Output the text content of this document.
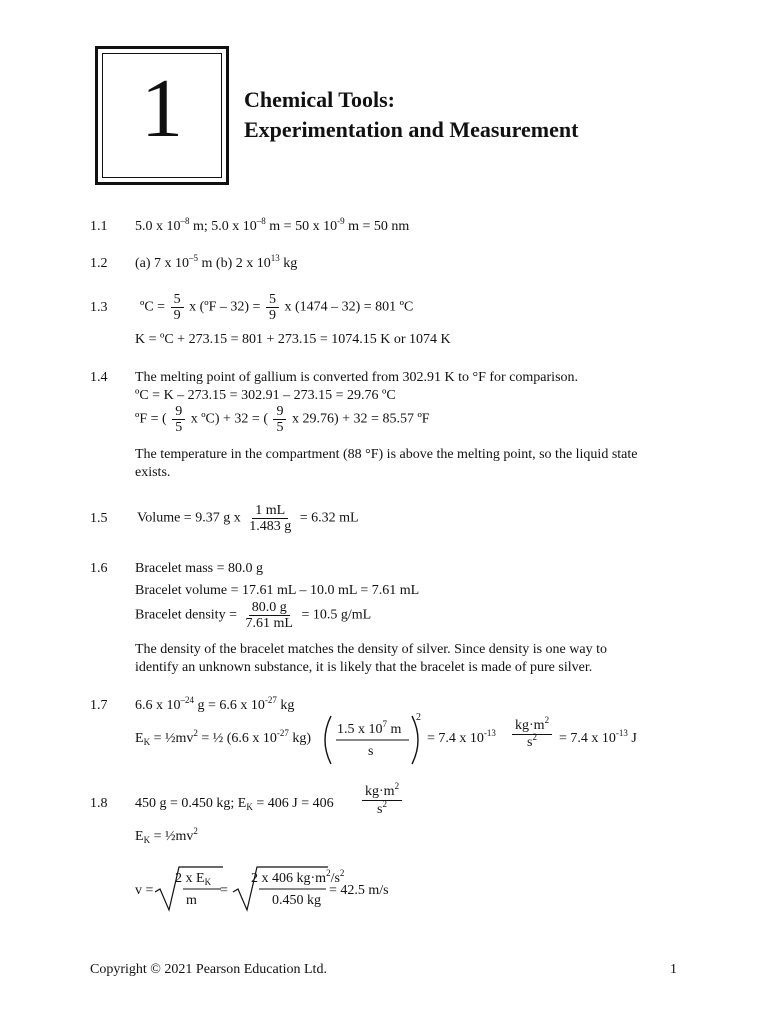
1	Chemical Tools:
Experimentation and Measurement
1.1 5.0 x $10^{-8}$ m; 5.0 x $10^{-8}$ m = 50 x $10^{-9}$ m = 50 nm
1.2 (a) 7 x $10^{-5}$ m (b) 2 x $10^{13}$ kg
1.3 ºC = $\frac{5}{9}$ x (ºF – $32) = \frac{5}{9}$ x (1474 – 32) = 801 ºC
K = ºC + 273.15 = 801 + 273.15 = 1074.15 K or 1074 K
1.4 The melting point of gallium is converted from 302.91 K to °F for comparison.
ºC = K – 273.15 = 302.91 – 273.15 = 29.76 ºC
ºF = ( $\frac{9}{5}$ x ºC) + 32 = ( $\frac{9}{5}$ x 29.76) + 32 = 85.57 ºF
The temperature in the compartment (88 °F) is above the melting point, so the liquid state
exists.
1.5 Volume = 9.37 g x $\frac{1 mL}{1.483 g} = 6.32$ mL
1.6 Bracelet mass = 80.0 g
Bracelet volume = 17.61 mL – 10.0 mL = 7.61 mL
Bracelet density = $\frac{80.0 g}{7.61 mL} = 10.5$ g/mL
The density of the bracelet matches the density of silver. Since density is one way to
identify an unknown substance, it is likely that the bracelet is made of pure silver.
1.7 6.6 x $10^{-24}$ g = 6.6 x $10^{-27}$ kg
$E_K$ = $\frac{1}{2}mv^2$ = ½ (6.6 x $10^{-27}$ kg)
1.5 x $10^7$ m
s
2
= 7.4 x $10^{-13}$ $kg\cdot m^2$
$s^2 = 7.4$ x $10^{-13}$ J
1.8 450 g = 0.450 kg; $E_K = 406$ J = 406
$kg\cdot m^2$
$s^2$
$E_K$ = $\frac{1}{2}mv^2$
v =
2 x $E_K$
m
=
2 x 406 $kg\cdot m^2/s^2$
0.450 kg
= 42.5 m/s
Copyright © 2021 Pearson Education Ltd.	1
